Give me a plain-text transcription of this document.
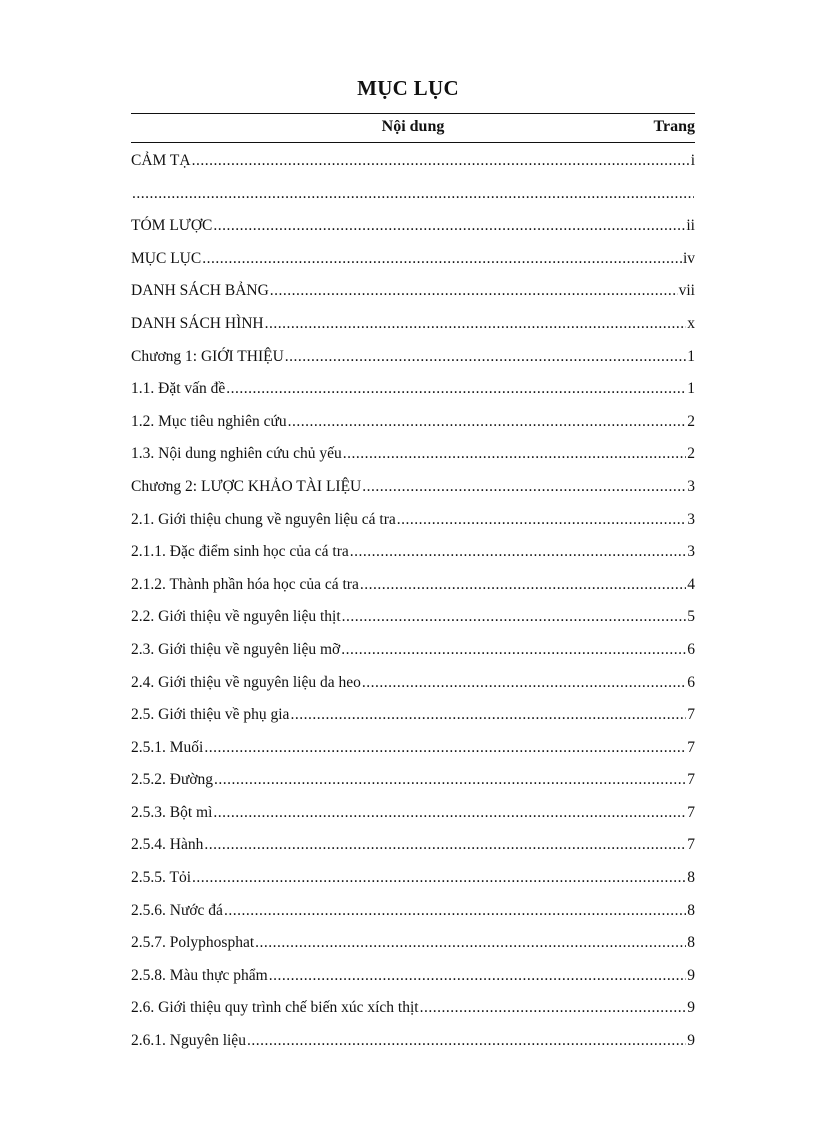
MỤC LỤC
Nội dung	Trang
CẢM TẠ .....	i
.....
TÓM LƯỢC .....	ii
MỤC LỤC .....	iv
DANH SÁCH BẢNG .....	vii
DANH SÁCH HÌNH .....	x
Chương 1: GIỚI THIỆU .....	1
1.1. Đặt vấn đề .....	1
1.2. Mục tiêu nghiên cứu .....	2
1.3. Nội dung nghiên cứu chủ yếu .....	2
Chương 2: LƯỢC KHẢO TÀI LIỆU .....	3
2.1. Giới thiệu chung về nguyên liệu cá tra .....	3
2.1.1. Đặc điểm sinh học của cá tra .....	3
2.1.2. Thành phần hóa học của cá tra .....	4
2.2. Giới thiệu về nguyên liệu thịt .....	5
2.3. Giới thiệu về nguyên liệu mỡ .....	6
2.4. Giới thiệu về nguyên liệu da heo .....	6
2.5. Giới thiệu về phụ gia .....	7
2.5.1. Muối .....	7
2.5.2. Đường .....	7
2.5.3. Bột mì .....	7
2.5.4. Hành .....	7
2.5.5. Tỏi .....	8
2.5.6. Nước đá .....	8
2.5.7. Polyphosphat .....	8
2.5.8. Màu thực phẩm .....	9
2.6. Giới thiệu quy trình chế biến xúc xích thịt .....	9
2.6.1. Nguyên liệu .....	9
